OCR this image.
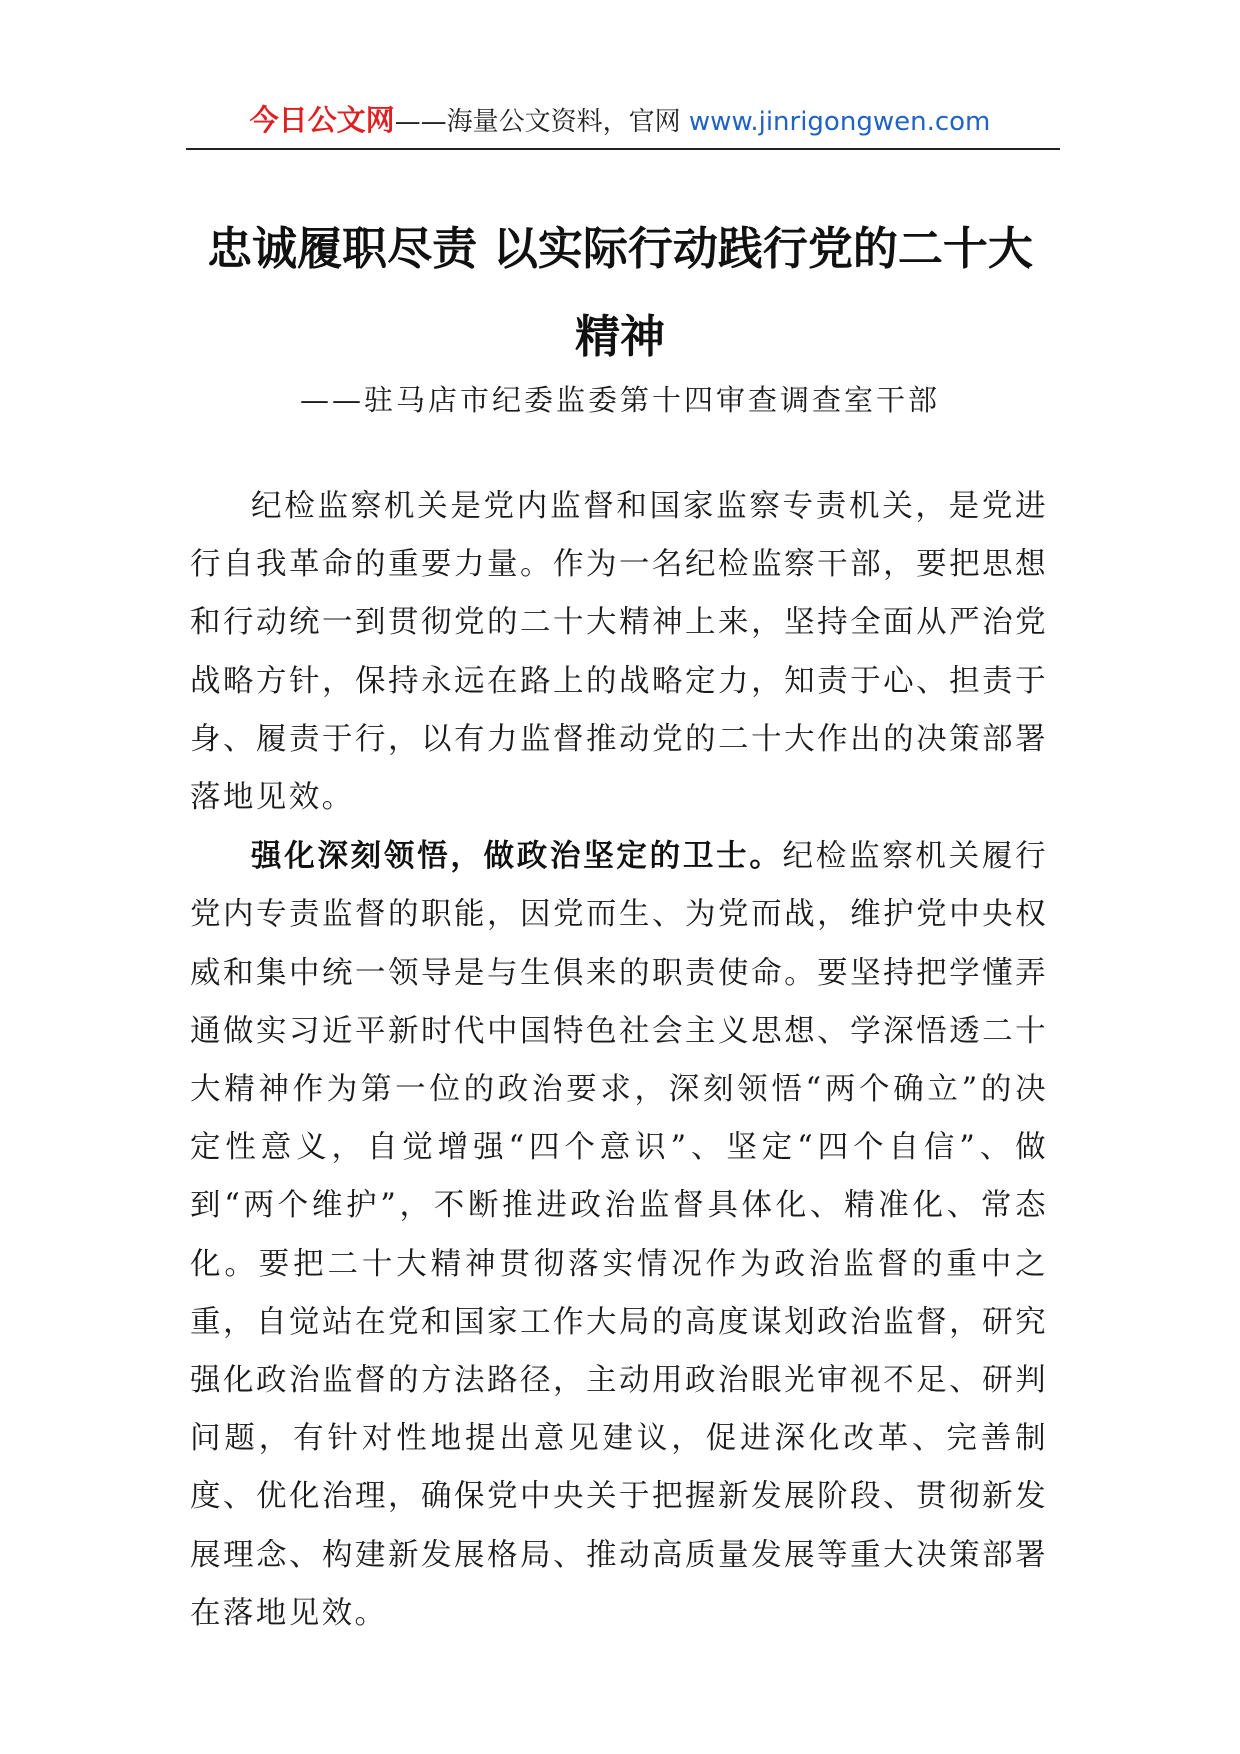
今日公文网——海量公文资料，官网 www.jinrigongwen.com
忠诚履职尽责 以实际行动践行党的二十大
精神
——驻马店市纪委监委第十四审查调查室干部

纪检监察机关是党内监督和国家监察专责机关，是党进行自我革命的重要力量。作为一名纪检监察干部，要把思想和行动统一到贯彻党的二十大精神上来，坚持全面从严治党战略方针，保持永远在路上的战略定力，知责于心、担责于身、履责于行，以有力监督推动党的二十大作出的决策部署落地见效。

强化深刻领悟，做政治坚定的卫士。纪检监察机关履行党内专责监督的职能，因党而生、为党而战，维护党中央权威和集中统一领导是与生俱来的职责使命。要坚持把学懂弄通做实习近平新时代中国特色社会主义思想、学深悟透二十大精神作为第一位的政治要求，深刻领悟“两个确立”的决定性意义，自觉增强“四个意识”、坚定“四个自信”、做到“两个维护”，不断推进政治监督具体化、精准化、常态化。要把二十大精神贯彻落实情况作为政治监督的重中之重，自觉站在党和国家工作大局的高度谋划政治监督，研究强化政治监督的方法路径，主动用政治眼光审视不足、研判问题，有针对性地提出意见建议，促进深化改革、完善制度、优化治理，确保党中央关于把握新发展阶段、贯彻新发展理念、构建新发展格局、推动高质量发展等重大决策部署在落地见效。
